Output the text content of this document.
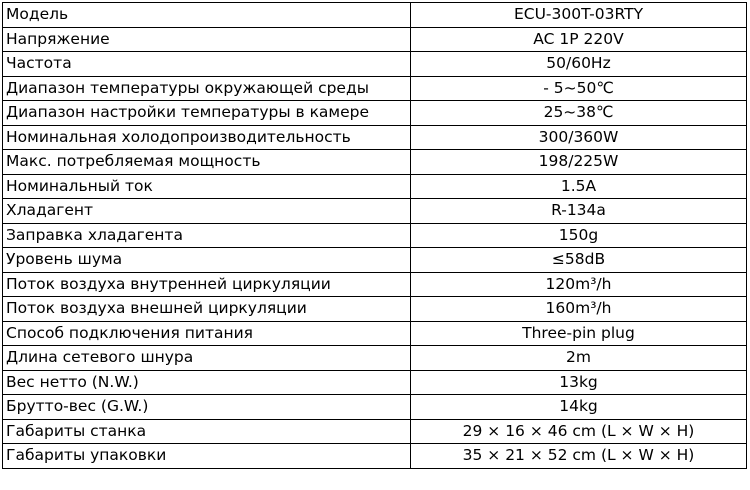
Модель	ECU-300T-03RTY
Напряжение	AC 1P 220V
Частота	50/60Hz
Диапазон температуры окружающей среды	- 5~50℃
Диапазон настройки температуры в камере	25~38℃
Номинальная холодопроизводительность	300/360W
Макс. потребляемая мощность	198/225W
Номинальный ток	1.5A
Хладагент	R-134a
Заправка хладагента	150g
Уровень шума	≤58dB
Поток воздуха внутренней циркуляции	120m³/h
Поток воздуха внешней циркуляции	160m³/h
Способ подключения питания	Three-pin plug
Длина сетевого шнура	2m
Вес нетто (N.W.)	13kg
Брутто-вес (G.W.)	14kg
Габариты станка	29 × 16 × 46 cm (L × W × H)
Габариты упаковки	35 × 21 × 52 cm (L × W × H)
